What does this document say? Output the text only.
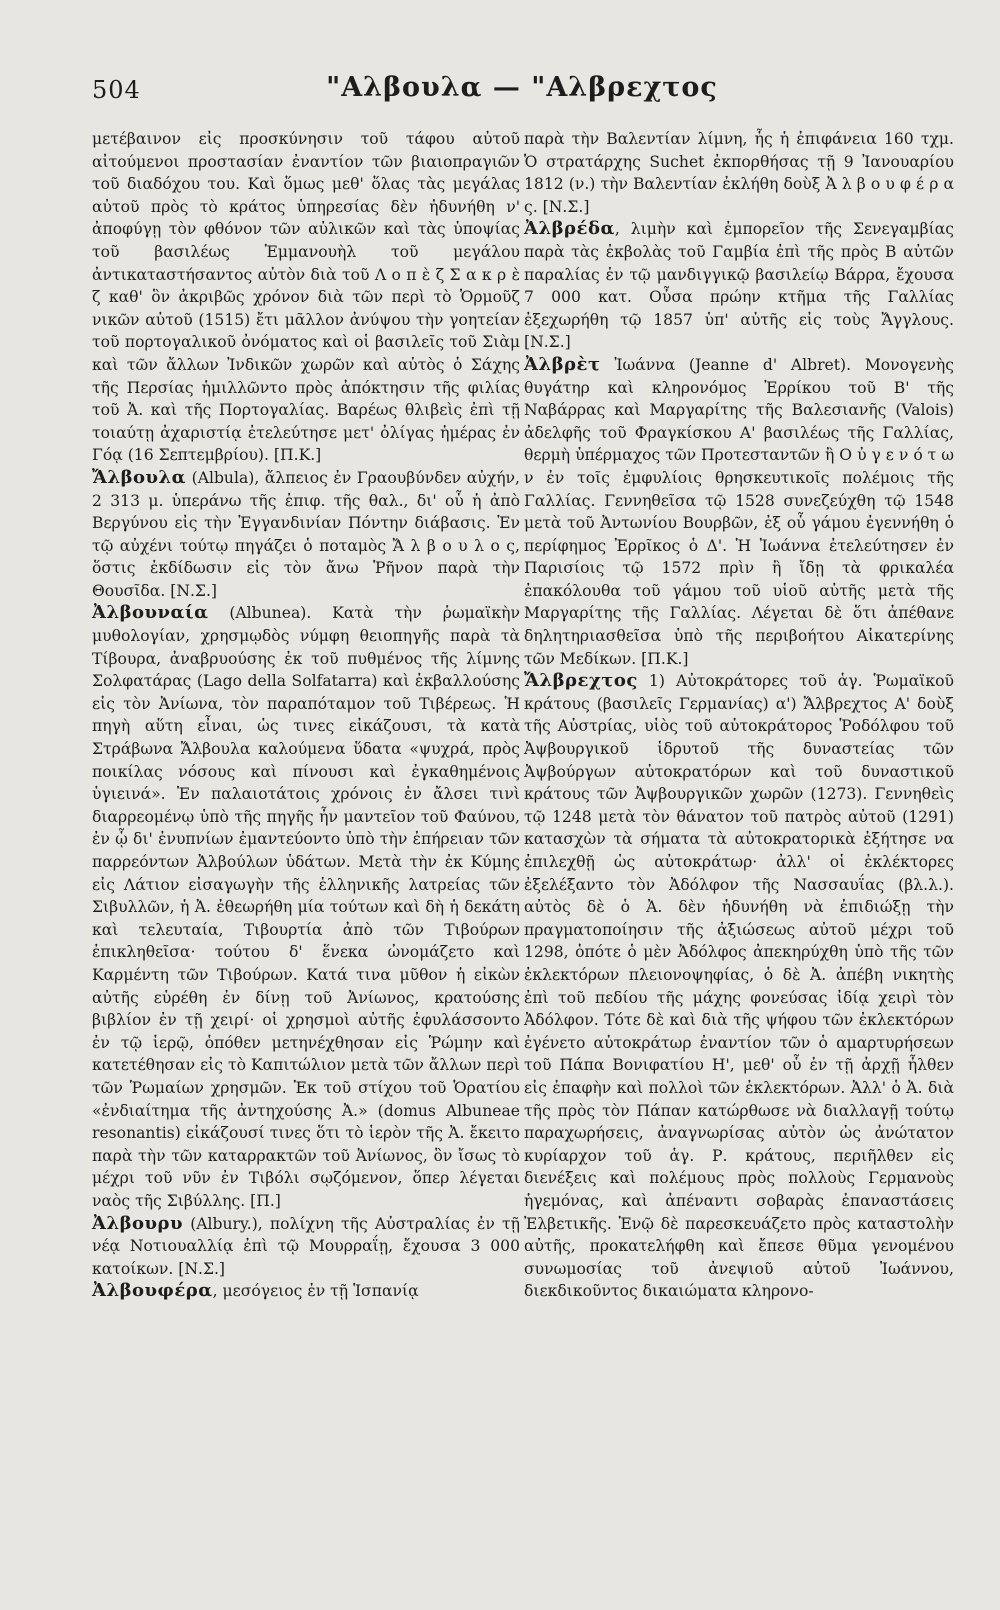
504	"Αλβουλα — "Αλβρεχτος

μετέβαινον εἰς προσκύνησιν τοῦ τάφου αὐτοῦ αἰτούμενοι προστασίαν ἐναντίον τῶν βιαιοπραγιῶν τοῦ διαδόχου του. Καὶ ὅμως μεθ' ὅλας τὰς μεγάλας αὐτοῦ πρὸς τὸ κράτος ὑπηρεσίας δὲν ἠδυνήθη ν' ἀποφύγῃ τὸν φθόνον τῶν αὐλικῶν καὶ τὰς ὑποψίας τοῦ βασιλέως Ἐμμανουὴλ τοῦ μεγάλου ἀντικαταστήσαντος αὐτὸν διὰ τοῦ Λ ο π ὲ ζ Σ α κ ρ ὲ ζ καθ' ὃν ἀκριβῶς χρόνον διὰ τῶν περὶ τὸ Ὁρμοῦζ νικῶν αὐτοῦ (1515) ἔτι μᾶλλον ἀνύψου τὴν γοητείαν τοῦ πορτογαλικοῦ ὀνόματος καὶ οἱ βασιλεῖς τοῦ Σιὰμ καὶ τῶν ἄλλων Ἰνδικῶν χωρῶν καὶ αὐτὸς ὁ Σάχης τῆς Περσίας ἡμιλλῶντο πρὸς ἀπόκτησιν τῆς φιλίας τοῦ Ἀ. καὶ τῆς Πορτογαλίας. Βαρέως θλιβεὶς ἐπὶ τῇ τοιαύτῃ ἀχαριστίᾳ ἐτελεύτησε μετ' ὀλίγας ἡμέρας ἐν Γόᾳ (16 Σεπτεμβρίου). [Π.Κ.]

Ἄλβουλα (Albula), ἄλπειος ἐν Γραουβύνδεν αὐχήν, 2 313 μ. ὑπεράνω τῆς ἐπιφ. τῆς θαλ., δι' οὗ ἡ ἀπὸ Βεργύνου εἰς τὴν Ἐγγανδινίαν Πόντην διάβασις. Ἐν τῷ αὐχένι τούτῳ πηγάζει ὁ ποταμὸς Ἄ λ β ο υ λ ο ς, ὅστις ἐκδίδωσιν εἰς τὸν ἄνω Ῥῆνον παρὰ τὴν Θουσῖδα. [Ν.Σ.]

Ἀλβουναία (Albunea). Κατὰ τὴν ῥωμαϊκὴν μυθολογίαν, χρησμῳδὸς νύμφη θειοπηγῆς παρὰ τὰ Τίβουρα, ἀναβρυούσης ἐκ τοῦ πυθμένος τῆς λίμνης Σολφατάρας (Lago della Solfatarra) καὶ ἐκβαλλούσης εἰς τὸν Ἀνίωνα, τὸν παραπόταμον τοῦ Τιβέρεως. Ἡ πηγὴ αὕτη εἶναι, ὡς τινες εἰκάζουσι, τὰ κατὰ Στράβωνα Ἄλβουλα καλούμενα ὕδατα «ψυχρά, πρὸς ποικίλας νόσους καὶ πίνουσι καὶ ἐγκαθημένοις ὑγιεινά». Ἐν παλαιοτάτοις χρόνοις ἐν ἄλσει τινὶ διαρρεομένῳ ὑπὸ τῆς πηγῆς ἦν μαντεῖον τοῦ Φαύνου, ἐν ᾧ δι' ἐνυπνίων ἐμαντεύοντο ὑπὸ τὴν ἐπήρειαν τῶν παρρεόντων Ἀλβούλων ὑδάτων. Μετὰ τὴν ἐκ Κύμης εἰς Λάτιον εἰσαγωγὴν τῆς ἑλληνικῆς λατρείας τῶν Σιβυλλῶν, ἡ Ἀ. ἐθεωρήθη μία τούτων καὶ δὴ ἡ δεκάτη καὶ τελευταία, Τιβουρτία ἀπὸ τῶν Τιβούρων ἐπικληθεῖσα· τούτου δ' ἕνεκα ὠνομάζετο καὶ Καρμέντη τῶν Τιβούρων. Κατά τινα μῦθον ἡ εἰκὼν αὐτῆς εὑρέθη ἐν δίνῃ τοῦ Ἀνίωνος, κρατούσης βιβλίον ἐν τῇ χειρί· οἱ χρησμοὶ αὐτῆς ἐφυλάσσοντο ἐν τῷ ἱερῷ, ὁπόθεν μετηνέχθησαν εἰς Ῥώμην καὶ κατετέθησαν εἰς τὸ Καπιτώλιον μετὰ τῶν ἄλλων περὶ τῶν Ῥωμαίων χρησμῶν. Ἐκ τοῦ στίχου τοῦ Ὁρατίου «ἐνδιαίτημα τῆς ἀντηχούσης Ἀ.» (domus Albuneae resonantis) εἰκάζουσί τινες ὅτι τὸ ἱερὸν τῆς Ἀ. ἔκειτο παρὰ τὴν τῶν καταρρακτῶν τοῦ Ἀνίωνος, ὃν ἴσως τὸ μέχρι τοῦ νῦν ἐν Τιβόλι σῳζόμενον, ὅπερ λέγεται ναὸς τῆς Σιβύλλης. [Π.]

Ἀλβουρυ (Albury.), πολίχνη τῆς Αὐστραλίας ἐν τῇ νέᾳ Νοτιουαλλίᾳ ἐπὶ τῷ Μουρραΐῃ, ἔχουσα 3 000 κατοίκων. [Ν.Σ.]

Ἀλβουφέρα, μεσόγειος ἐν τῇ Ἱσπανίᾳ

παρὰ τὴν Βαλεντίαν λίμνη, ἧς ἡ ἐπιφάνεια 160 τχμ. Ὁ στρατάρχης Suchet ἐκπορθήσας τῇ 9 Ἰανουαρίου 1812 (ν.) τὴν Βαλεντίαν ἐκλήθη δοὺξ Ἀ λ β ο υ φ έ ρ α ς. [Ν.Σ.]

Ἀλβρέδα, λιμὴν καὶ ἐμπορεῖον τῆς Σενεγαμβίας παρὰ τὰς ἐκβολὰς τοῦ Γαμβία ἐπὶ τῆς πρὸς Β αὐτῶν παραλίας ἐν τῷ μανδιγγικῷ βασιλείῳ Βάρρα, ἔχουσα 7 000 κατ. Οὖσα πρώην κτῆμα τῆς Γαλλίας ἐξεχωρήθη τῷ 1857 ὑπ' αὐτῆς εἰς τοὺς Ἄγγλους. [Ν.Σ.]

Ἀλβρὲτ Ἰωάννα (Jeanne d' Albret). Μονογενὴς θυγάτηρ καὶ κληρονόμος Ἐρρίκου τοῦ Β' τῆς Ναβάρρας καὶ Μαργαρίτης τῆς Βαλεσιανῆς (Valois) ἀδελφῆς τοῦ Φραγκίσκου Α' βασιλέως τῆς Γαλλίας, θερμὴ ὑπέρμαχος τῶν Προτεσταντῶν ἢ Ο ὐ γ ε ν ό τ ω ν ἐν τοῖς ἐμφυλίοις θρησκευτικοῖς πολέμοις τῆς Γαλλίας. Γεννηθεῖσα τῷ 1528 συνεζεύχθη τῷ 1548 μετὰ τοῦ Ἀντωνίου Βουρβῶν, ἐξ οὗ γάμου ἐγεννήθη ὁ περίφημος Ἐρρῖκος ὁ Δ'. Ἡ Ἰωάννα ἐτελεύτησεν ἐν Παρισίοις τῷ 1572 πρὶν ἢ ἴδῃ τὰ φρικαλέα ἐπακόλουθα τοῦ γάμου τοῦ υἱοῦ αὐτῆς μετὰ τῆς Μαργαρίτης τῆς Γαλλίας. Λέγεται δὲ ὅτι ἀπέθανε δηλητηριασθεῖσα ὑπὸ τῆς περιβοήτου Αἰκατερίνης τῶν Μεδίκων. [Π.Κ.]

Ἄλβρεχτος 1) Αὐτοκράτορες τοῦ ἁγ. Ῥωμαϊκοῦ κράτους (βασιλεῖς Γερμανίας) α') Ἄλβρεχτος Α' δοὺξ τῆς Αὐστρίας, υἱὸς τοῦ αὐτοκράτορος Ῥοδόλφου τοῦ Ἀψβουργικοῦ ἱδρυτοῦ τῆς δυναστείας τῶν Ἀψβούργων αὐτοκρατόρων καὶ τοῦ δυναστικοῦ κράτους τῶν Ἀψβουργικῶν χωρῶν (1273). Γεννηθεὶς τῷ 1248 μετὰ τὸν θάνατον τοῦ πατρὸς αὐτοῦ (1291) κατασχὼν τὰ σήματα τὰ αὐτοκρατορικὰ ἐξήτησε να ἐπιλεχθῇ ὡς αὐτοκράτωρ· ἀλλ' οἱ ἐκλέκτορες ἐξελέξαντο τὸν Ἀδόλφον τῆς Νασσαυΐας (βλ.λ.). αὐτὸς δὲ ὁ Ἀ. δὲν ἠδυνήθη νὰ ἐπιδιώξῃ τὴν πραγματοποίησιν τῆς ἀξιώσεως αὐτοῦ μέχρι τοῦ 1298, ὁπότε ὁ μὲν Ἀδόλφος ἀπεκηρύχθη ὑπὸ τῆς τῶν ἐκλεκτόρων πλειονοψηφίας, ὁ δὲ Ἀ. ἀπέβη νικητὴς ἐπὶ τοῦ πεδίου τῆς μάχης φονεύσας ἰδίᾳ χειρὶ τὸν Ἀδόλφον. Τότε δὲ καὶ διὰ τῆς ψήφου τῶν ἐκλεκτόρων ἐγένετο αὐτοκράτωρ ἐναντίον τῶν ὁ αμαρτυρήσεων τοῦ Πάπα Βονιφατίου Η', μεθ' οὗ ἐν τῇ ἀρχῇ ἦλθεν εἰς ἐπαφὴν καὶ πολλοὶ τῶν ἐκλεκτόρων. Ἀλλ' ὁ Ἀ. διὰ τῆς πρὸς τὸν Πάπαν κατώρθωσε νὰ διαλλαγῇ τούτῳ παραχωρήσεις, ἀναγνωρίσας αὐτὸν ὡς ἀνώτατον κυρίαρχον τοῦ ἁγ. Ρ. κράτους, περιῆλθεν εἰς διενέξεις καὶ πολέμους πρὸς πολλοὺς Γερμανοὺς ἡγεμόνας, καὶ ἀπέναντι σοβαρὰς ἐπαναστάσεις Ἐλβετικῆς. Ἐνῷ δὲ παρεσκευάζετο πρὸς καταστολὴν αὐτῆς, προκατελήφθη καὶ ἔπεσε θῦμα γενομένου συνωμοσίας τοῦ ἀνεψιοῦ αὐτοῦ Ἰωάννου, διεκδικοῦντος δικαιώματα κληρονο-
